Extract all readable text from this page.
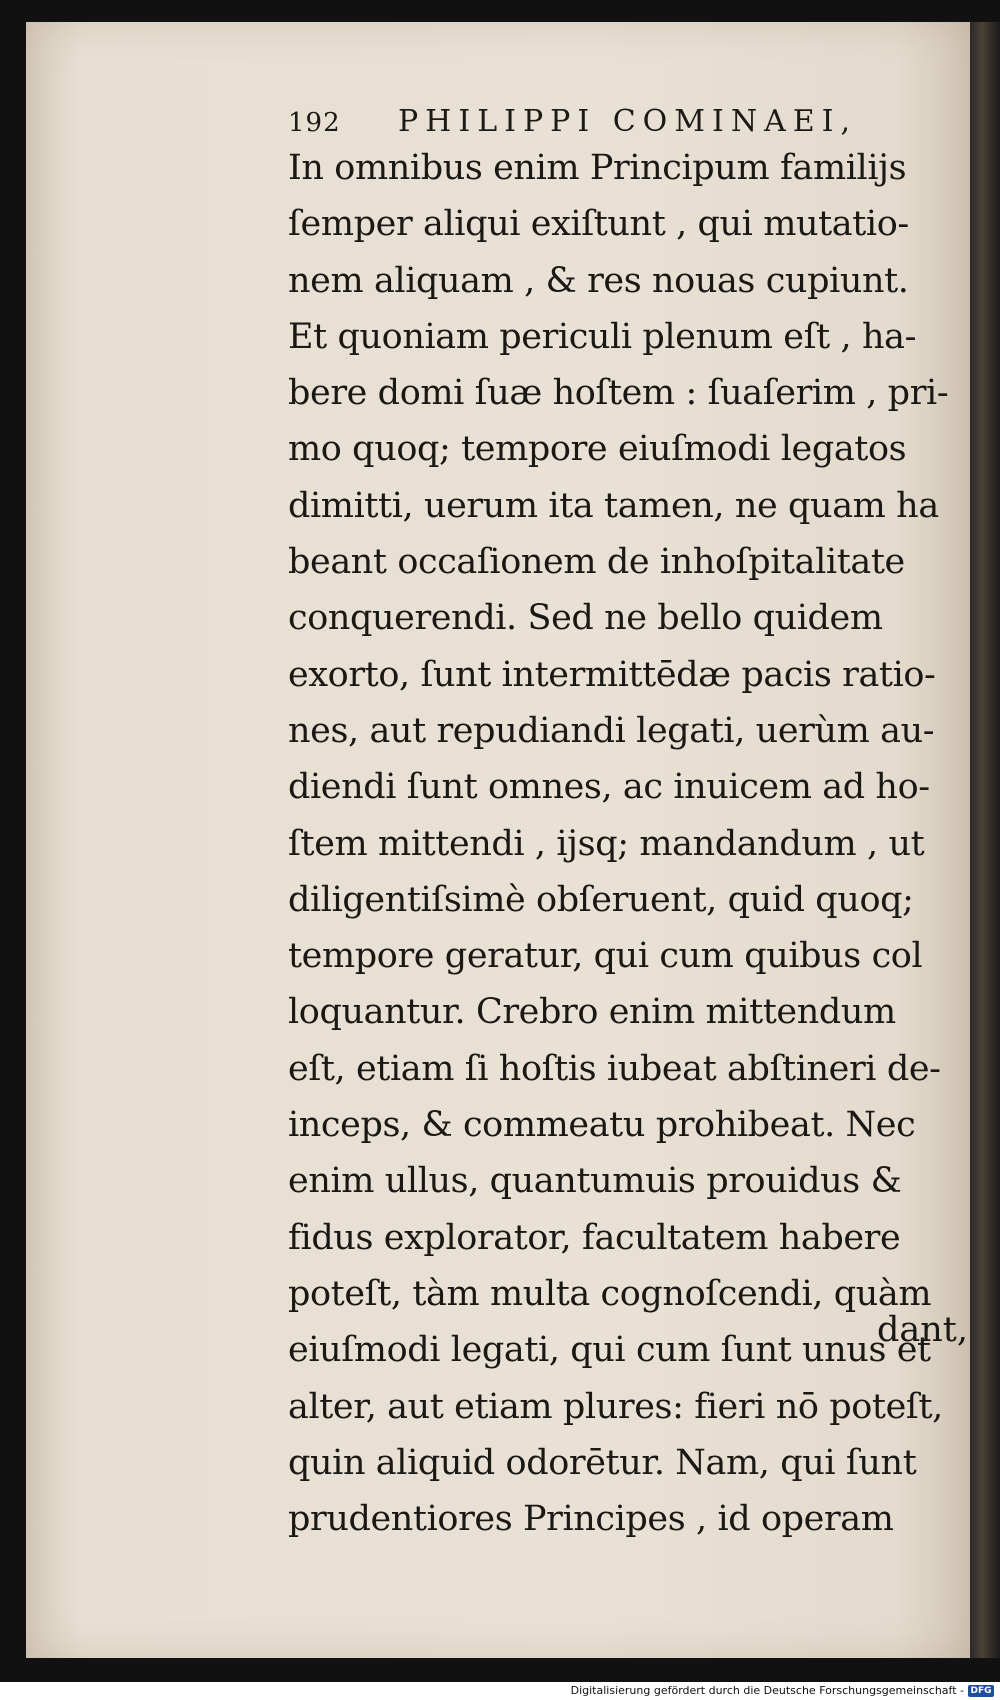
192 PHILIPPI COMINAEI,
In omnibus enim Principum familijs
ſemper aliqui exiſtunt , qui mutatio-
nem aliquam , & res nouas cupiunt.
Et quoniam periculi plenum eſt , ha-
bere domi ſuæ hoſtem : ſuaſerim , pri-
mo quoq; tempore eiuſmodi legatos
dimitti, uerum ita tamen, ne quam ha
beant occaſionem de inhoſpitalitate
conquerendi. Sed ne bello quidem
exorto, ſunt intermittēdæ pacis ratio-
nes, aut repudiandi legati, uerùm au-
diendi ſunt omnes, ac inuicem ad ho-
ſtem mittendi , ijsq; mandandum , ut
diligentiſsimè obſeruent, quid quoq;
tempore geratur, qui cum quibus col
loquantur. Crebro enim mittendum
eſt, etiam ſi hoſtis iubeat abſtineri de-
inceps, & commeatu prohibeat. Nec
enim ullus, quantumuis prouidus &
fidus explorator, facultatem habere
poteſt, tàm multa cognoſcendi, quàm
eiuſmodi legati, qui cum ſunt unus et
alter, aut etiam plures: fieri nō poteſt,
quin aliquid odorētur. Nam, qui ſunt
prudentiores Principes , id operam
dant,
Digitalisierung gefördert durch die Deutsche Forschungsgemeinschaft - DFG
